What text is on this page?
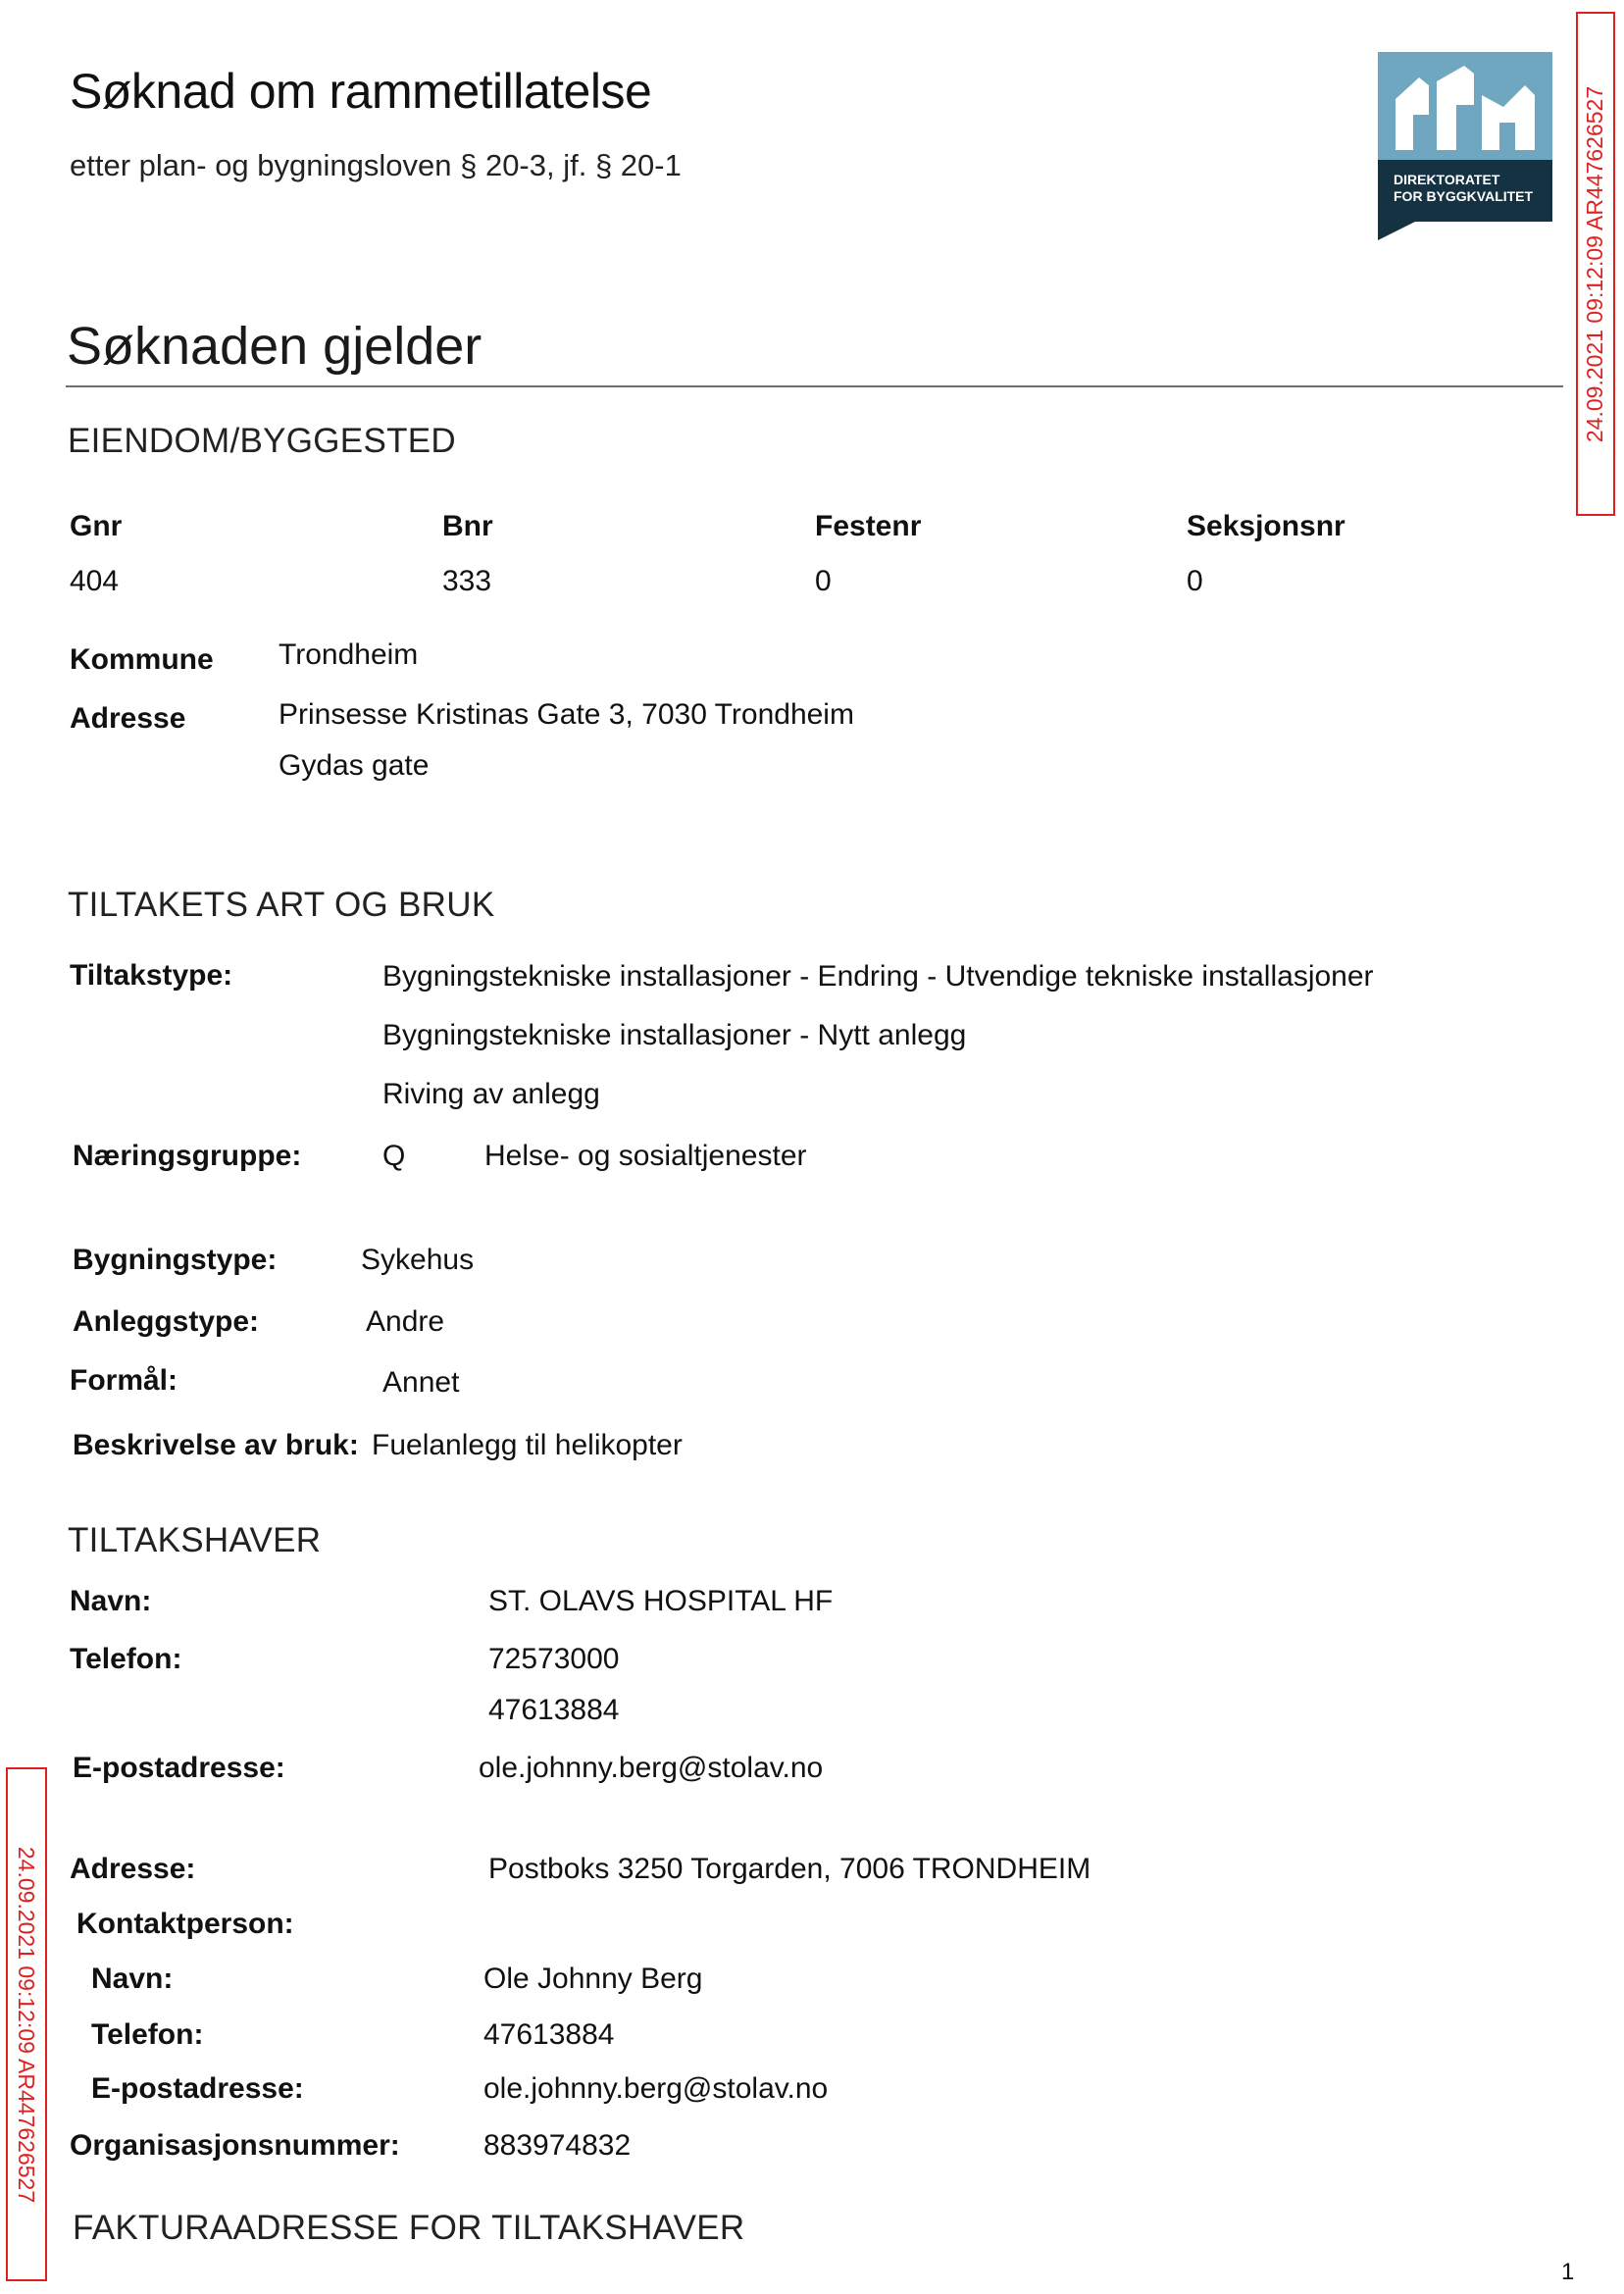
Søknad om rammetillatelse
etter plan- og bygningsloven § 20-3, jf. § 20-1	DIREKTORATET
FOR BYGGKVALITET	24.09.2021 09:12:09 AR447626527
24.09.2021 09:12:09 AR447626527
Søknaden gjelder
EIENDOM/BYGGESTED
Gnr	Bnr	Festenr	Seksjonsnr
404	333	0	0
Kommune Trondheim
Adresse	Prinsesse Kristinas Gate 3, 7030 Trondheim
Gydas gate
TILTAKETS ART OG BRUK
Tiltakstype:	Bygningstekniske installasjoner - Endring - Utvendige tekniske installasjoner
Bygningstekniske installasjoner - Nytt anlegg
Riving av anlegg
Næringsgruppe:	Q	Helse- og sosialtjenester
Bygningstype:	Sykehus
Anleggstype:	Andre
Formål:	Annet
Beskrivelse av bruk: Fuelanlegg til helikopter
TILTAKSHAVER
Navn:	ST. OLAVS HOSPITAL HF
Telefon:	72573000
47613884
E-postadresse:	ole.johnny.berg@stolav.no
Adresse:	Postboks 3250 Torgarden, 7006 TRONDHEIM
Kontaktperson:
Navn:	Ole Johnny Berg
Telefon:	47613884
E-postadresse:	ole.johnny.berg@stolav.no
Organisasjonsnummer:	883974832
FAKTURAADRESSE FOR TILTAKSHAVER
1
